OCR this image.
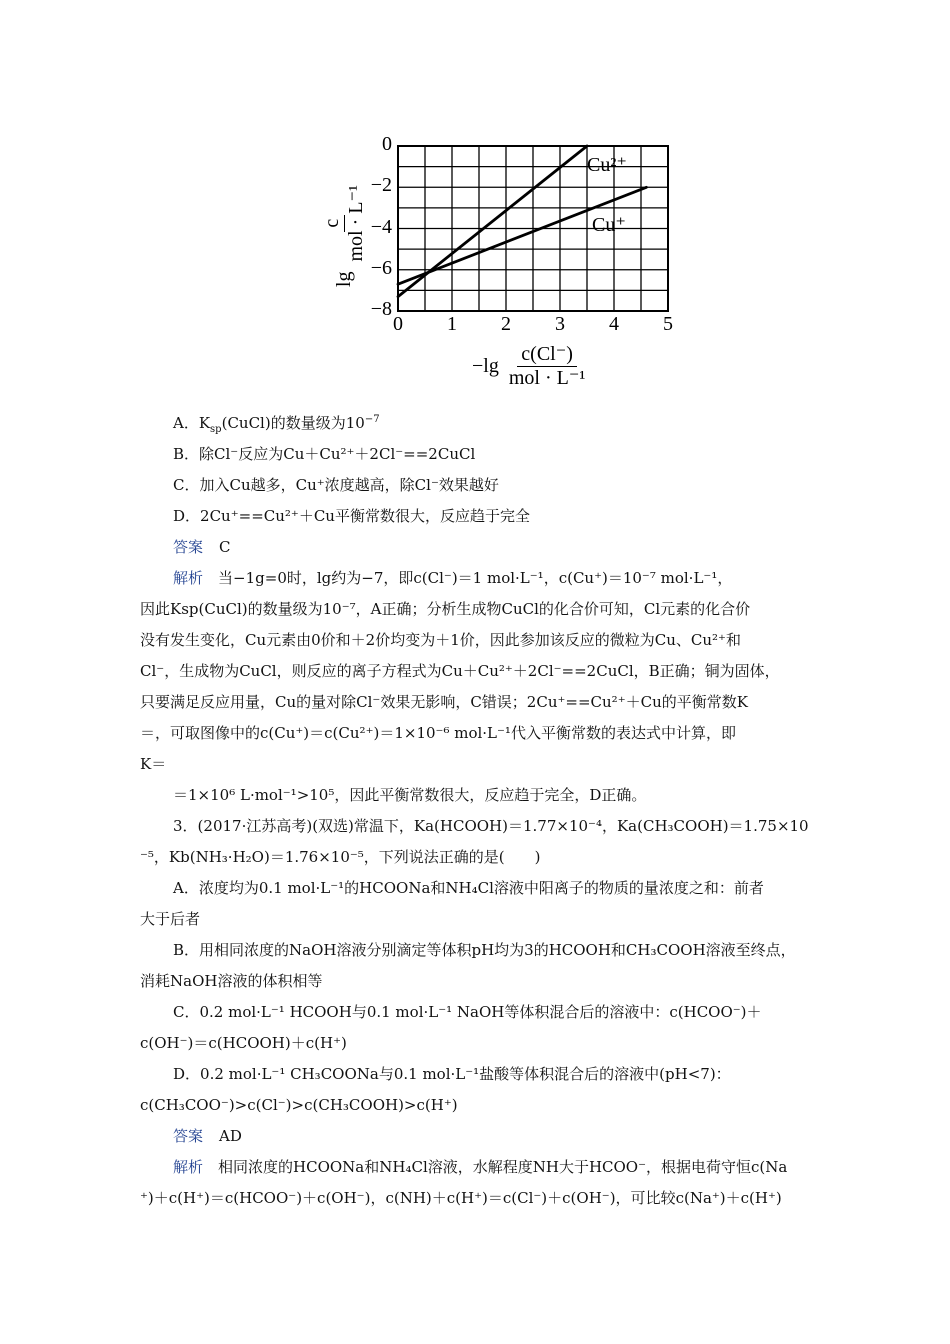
0
−2
−4
−6
−8
0 1 2 3 4 5
Cu²⁺
Cu⁺
$-\lg \frac{c(Cl^-)}{\text{mol · L⁻¹}}$
lg
c mol · L⁻¹

A．$K_{sp}(CuCl)$的数量级为$10^{-7}$

B．除Cl⁻反应为Cu＋Cu²⁺＋2Cl⁻==2CuCl

C．加入Cu越多，Cu⁺浓度越高，除Cl⁻效果越好

D．2Cu⁺==Cu²⁺＋Cu平衡常数很大，反应趋于完全

答案 C

解析　 当−1g=0时，lg约为−7，即c(Cl⁻)＝1 mol·L⁻¹，c(Cu⁺)＝10⁻⁷ mol·L⁻¹，

因此Ksp(CuCl)的数量级为10⁻⁷，A正确；分析生成物CuCl的化合价可知，Cl元素的化合价

没有发生变化，Cu元素由0价和＋2价均变为＋1价，因此参加该反应的微粒为Cu、Cu²⁺和

Cl⁻，生成物为CuCl，则反应的离子方程式为Cu＋Cu²⁺＋2Cl⁻==2CuCl，B正确；铜为固体，

只要满足反应用量，Cu的量对除Cl⁻效果无影响，C错误；2Cu⁺==Cu²⁺＋Cu的平衡常数K

＝，可取图像中的c(Cu⁺)＝c(Cu²⁺)＝1×10⁻⁶ mol·L⁻¹代入平衡常数的表达式中计算，即

K＝

＝1×10⁶ L·mol⁻¹>10⁵，因此平衡常数很大，反应趋于完全，D正确。

3．(2017·江苏高考)(双选)常温下，Ka(HCOOH)＝1.77×10⁻⁴，Ka(CH₃COOH)＝1.75×10

⁻⁵，Kb(NH₃·H₂O)＝1.76×10⁻⁵，下列说法正确的是(　　)

A．浓度均为0.1 mol·L⁻¹的HCOONa和NH₄Cl溶液中阳离子的物质的量浓度之和：前者

大于后者

B．用相同浓度的NaOH溶液分别滴定等体积pH均为3的HCOOH和CH₃COOH溶液至终点，

消耗NaOH溶液的体积相等

C．0.2 mol·L⁻¹ HCOOH与0.1 mol·L⁻¹ NaOH等体积混合后的溶液中：c(HCOO⁻)＋

c(OH⁻)＝c(HCOOH)＋c(H⁺)

D．0.2 mol·L⁻¹ CH₃COONa与0.1 mol·L⁻¹盐酸等体积混合后的溶液中(pH<7)：

c(CH₃COO⁻)>c(Cl⁻)>c(CH₃COOH)>c(H⁺)

答案 AD

解析　 相同浓度的HCOONa和NH₄Cl溶液，水解程度NH大于HCOO⁻，根据电荷守恒c(Na

⁺)＋c(H⁺)＝c(HCOO⁻)＋c(OH⁻)，c(NH)＋c(H⁺)＝c(Cl⁻)＋c(OH⁻)，可比较c(Na⁺)＋c(H⁺)
